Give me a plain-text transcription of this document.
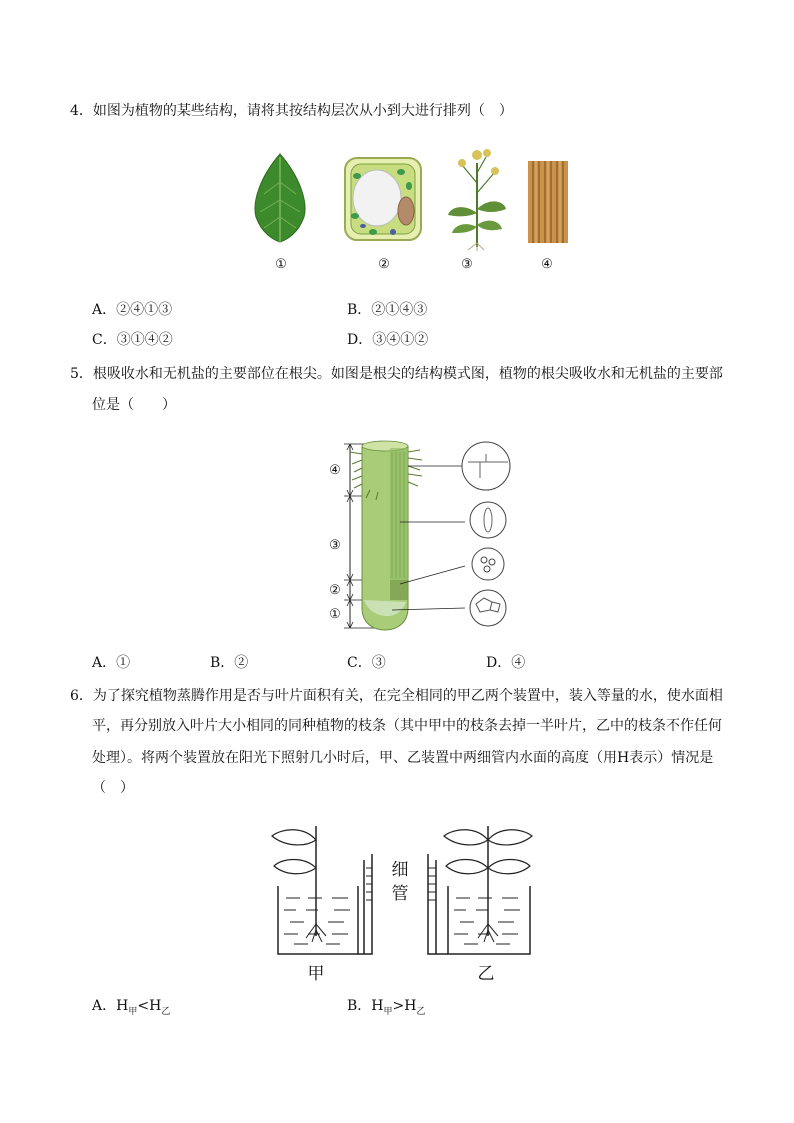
4．如图为植物的某些结构，请将其按结构层次从小到大进行排列（　）
①	②	③	④
A．②④①③	B．②①④③
C．③①④②	D．③④①②
5．根吸收水和无机盐的主要部位在根尖。如图是根尖的结构模式图，植物的根尖吸收水和无机盐的主要部
位是（　　）
④
③
②
①
A．①	B．②	C．③	D．④
6．为了探究植物蒸腾作用是否与叶片面积有关，在完全相同的甲乙两个装置中，装入等量的水，使水面相
平，再分别放入叶片大小相同的同种植物的枝条（其中甲中的枝条去掉一半叶片，乙中的枝条不作任何
处理）。将两个装置放在阳光下照射几小时后，甲、乙装置中两细管内水面的高度（用H表示）情况是
（　）
细
管
甲	乙
A．$H_甲<H_乙$	B．$H_甲>H_乙$
